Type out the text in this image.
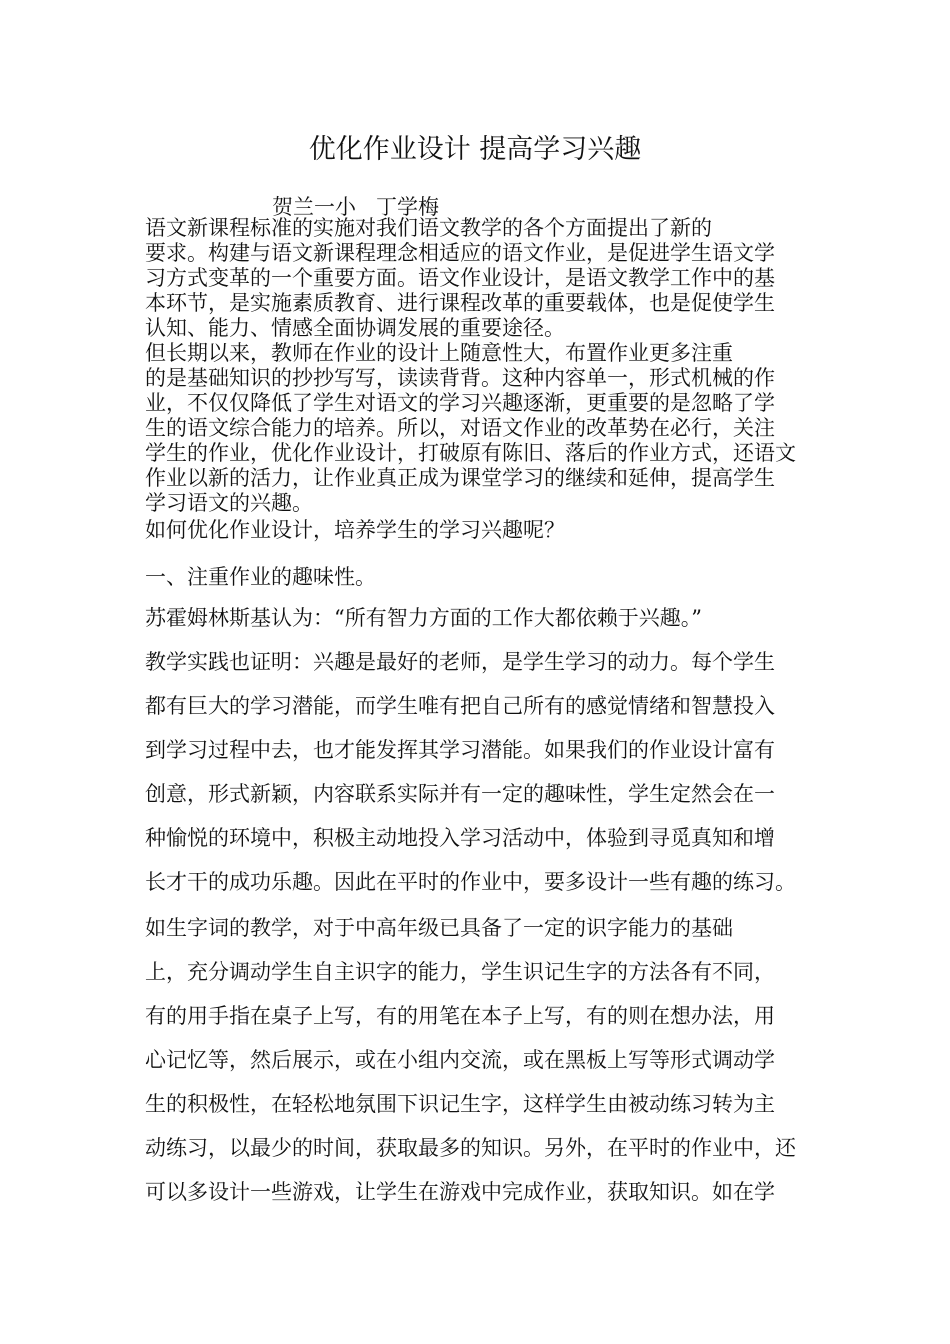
优化作业设计 提高学习兴趣
贺兰一小   丁学梅
语文新课程标准的实施对我们语文教学的各个方面提出了新的
要求。构建与语文新课程理念相适应的语文作业，是促进学生语文学
习方式变革的一个重要方面。语文作业设计，是语文教学工作中的基
本环节，是实施素质教育、进行课程改革的重要载体，也是促使学生
认知、能力、情感全面协调发展的重要途径。
但长期以来，教师在作业的设计上随意性大，布置作业更多注重
的是基础知识的抄抄写写，读读背背。这种内容单一，形式机械的作
业，不仅仅降低了学生对语文的学习兴趣逐渐，更重要的是忽略了学
生的语文综合能力的培养。所以，对语文作业的改革势在必行，关注
学生的作业，优化作业设计，打破原有陈旧、落后的作业方式，还语文
作业以新的活力，让作业真正成为课堂学习的继续和延伸，提高学生
学习语文的兴趣。
如何优化作业设计，培养学生的学习兴趣呢？
一、注重作业的趣味性。
苏霍姆林斯基认为：“所有智力方面的工作大都依赖于兴趣。”
教学实践也证明：兴趣是最好的老师，是学生学习的动力。每个学生
都有巨大的学习潜能，而学生唯有把自己所有的感觉情绪和智慧投入
到学习过程中去，也才能发挥其学习潜能。如果我们的作业设计富有
创意，形式新颖，内容联系实际并有一定的趣味性，学生定然会在一
种愉悦的环境中，积极主动地投入学习活动中，体验到寻觅真知和增
长才干的成功乐趣。因此在平时的作业中，要多设计一些有趣的练习。
如生字词的教学，对于中高年级已具备了一定的识字能力的基础
上，充分调动学生自主识字的能力，学生识记生字的方法各有不同，
有的用手指在桌子上写，有的用笔在本子上写，有的则在想办法，用
心记忆等，然后展示，或在小组内交流，或在黑板上写等形式调动学
生的积极性，在轻松地氛围下识记生字，这样学生由被动练习转为主
动练习，以最少的时间，获取最多的知识。另外，在平时的作业中，还
可以多设计一些游戏，让学生在游戏中完成作业，获取知识。如在学
